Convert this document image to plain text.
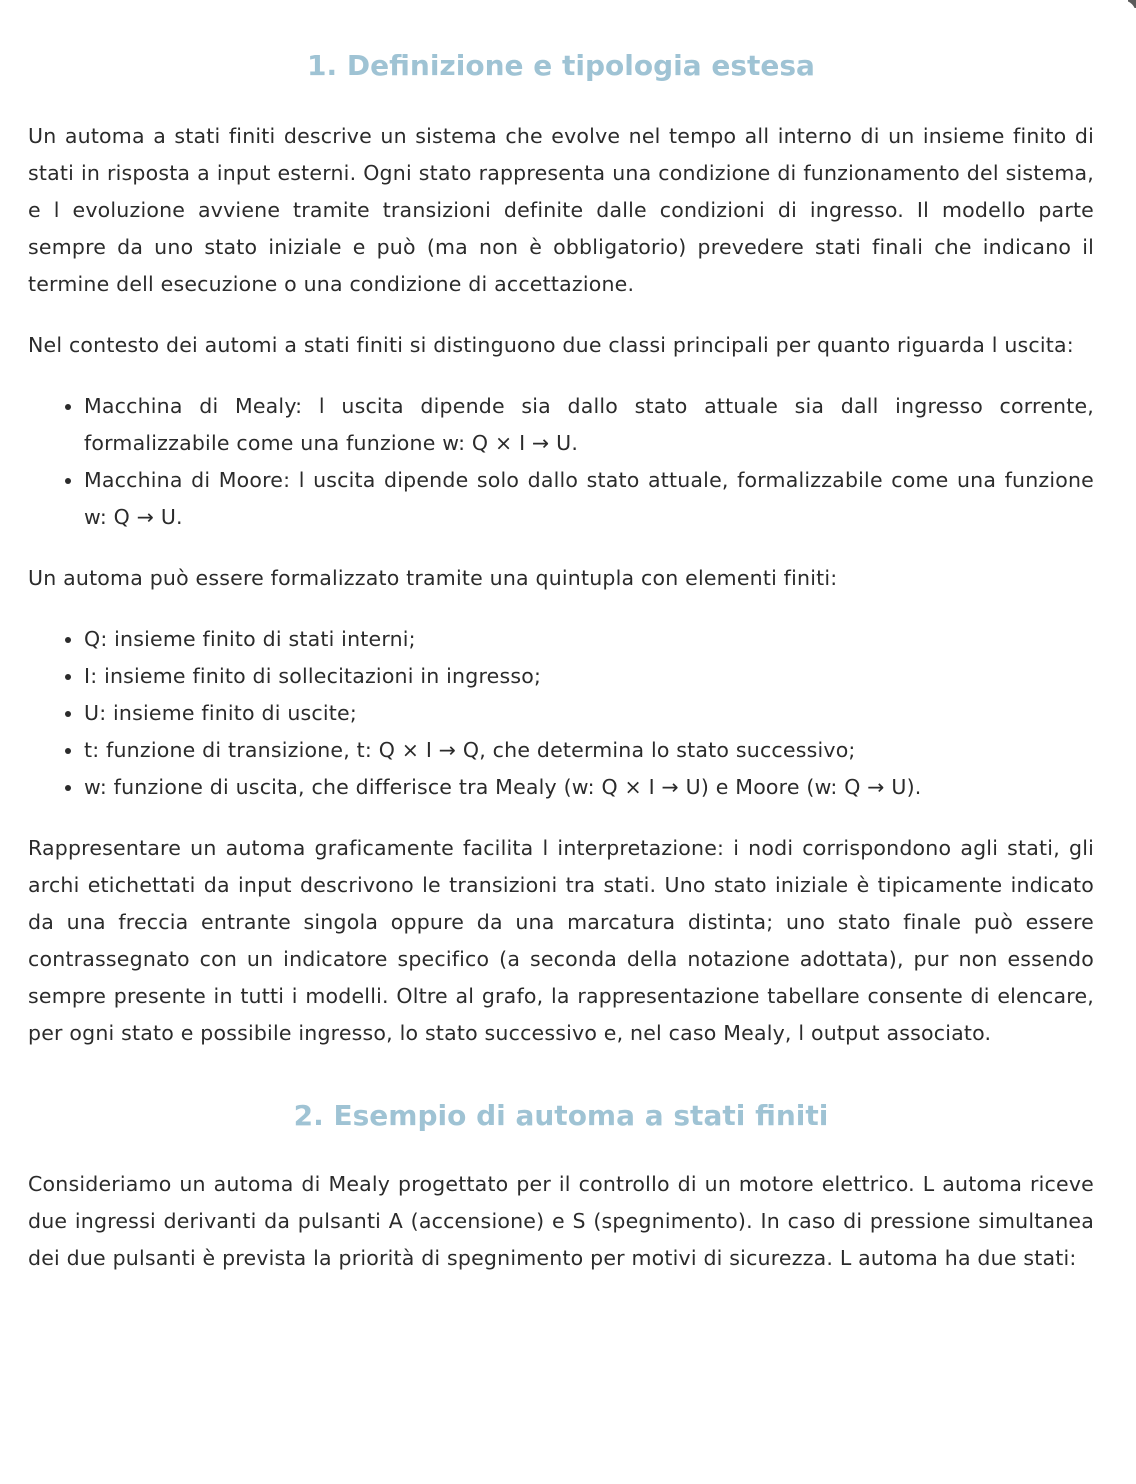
1. Definizione e tipologia estesa

Un automa a stati finiti descrive un sistema che evolve nel tempo all interno di un insieme finito di stati in risposta a input esterni. Ogni stato rappresenta una condizione di funzionamento del sistema, e l evoluzione avviene tramite transizioni definite dalle condizioni di ingresso. Il modello parte sempre da uno stato iniziale e può (ma non è obbligatorio) prevedere stati finali che indicano il termine dell esecuzione o una condizione di accettazione.

Nel contesto dei automi a stati finiti si distinguono due classi principali per quanto riguarda l uscita:

• Macchina di Mealy: l uscita dipende sia dallo stato attuale sia dall ingresso corrente, formalizzabile come una funzione w: Q × I → U.
• Macchina di Moore: l uscita dipende solo dallo stato attuale, formalizzabile come una funzione w: Q → U.

Un automa può essere formalizzato tramite una quintupla con elementi finiti:

• Q: insieme finito di stati interni;
• I: insieme finito di sollecitazioni in ingresso;
• U: insieme finito di uscite;
• t: funzione di transizione, t: Q × I → Q, che determina lo stato successivo;
• w: funzione di uscita, che differisce tra Mealy (w: Q × I → U) e Moore (w: Q → U).

Rappresentare un automa graficamente facilita l interpretazione: i nodi corrispondono agli stati, gli archi etichettati da input descrivono le transizioni tra stati. Uno stato iniziale è tipicamente indicato da una freccia entrante singola oppure da una marcatura distinta; uno stato finale può essere contrassegnato con un indicatore specifico (a seconda della notazione adottata), pur non essendo sempre presente in tutti i modelli. Oltre al grafo, la rappresentazione tabellare consente di elencare, per ogni stato e possibile ingresso, lo stato successivo e, nel caso Mealy, l output associato.

2. Esempio di automa a stati finiti

Consideriamo un automa di Mealy progettato per il controllo di un motore elettrico. L automa riceve due ingressi derivanti da pulsanti A (accensione) e S (spegnimento). In caso di pressione simultanea dei due pulsanti è prevista la priorità di spegnimento per motivi di sicurezza. L automa ha due stati:
